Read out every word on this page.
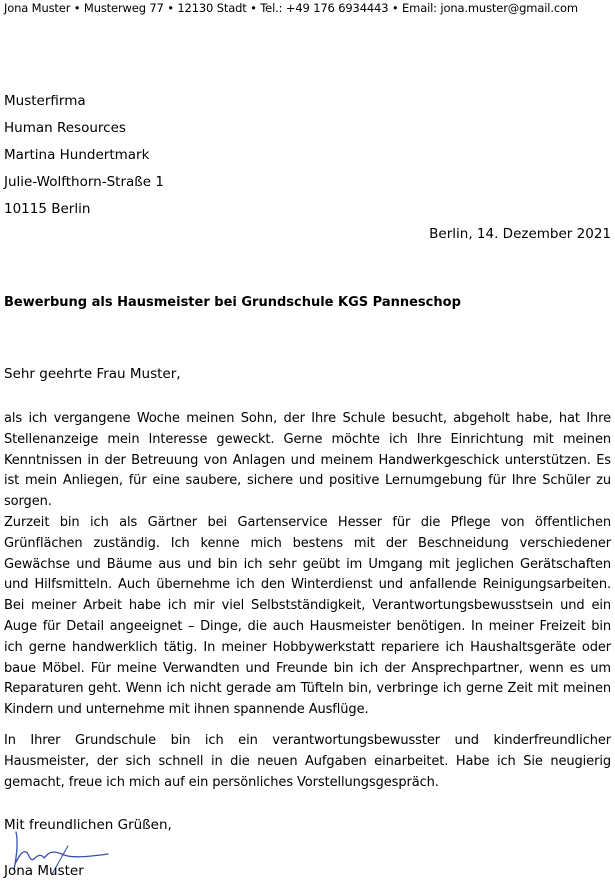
Jona Muster • Musterweg 77 • 12130 Stadt • Tel.: +49 176 6934443 • Email: jona.muster@gmail.com
Musterfirma
Human Resources
Martina Hundertmark
Julie-Wolfthorn-Straße 1
10115 Berlin
Berlin, 14. Dezember 2021
Bewerbung als Hausmeister bei Grundschule KGS Panneschop
Sehr geehrte Frau Muster,

als ich vergangene Woche meinen Sohn, der Ihre Schule besucht, abgeholt habe, hat Ihre Stellenanzeige mein Interesse geweckt. Gerne möchte ich Ihre Einrichtung mit meinen Kenntnissen in der Betreuung von Anlagen und meinem Handwerkgeschick unterstützen. Es ist mein Anliegen, für eine saubere, sichere und positive Lernumgebung für Ihre Schüler zu sorgen.

Zurzeit bin ich als Gärtner bei Gartenservice Hesser für die Pflege von öffentlichen Grünflächen zuständig. Ich kenne mich bestens mit der Beschneidung verschiedener Gewächse und Bäume aus und bin ich sehr geübt im Umgang mit jeglichen Gerätschaften und Hilfsmitteln. Auch übernehme ich den Winterdienst und anfallende Reinigungsarbeiten. Bei meiner Arbeit habe ich mir viel Selbstständigkeit, Verantwortungsbewusstsein und ein Auge für Detail angeeignet – Dinge, die auch Hausmeister benötigen. In meiner Freizeit bin ich gerne handwerklich tätig. In meiner Hobbywerkstatt repariere ich Haushaltsgeräte oder baue Möbel. Für meine Verwandten und Freunde bin ich der Ansprechpartner, wenn es um Reparaturen geht. Wenn ich nicht gerade am Tüfteln bin, verbringe ich gerne Zeit mit meinen Kindern und unternehme mit ihnen spannende Ausflüge.

In Ihrer Grundschule bin ich ein verantwortungsbewusster und kinderfreundlicher Hausmeister, der sich schnell in die neuen Aufgaben einarbeitet. Habe ich Sie neugierig gemacht, freue ich mich auf ein persönliches Vorstellungsgespräch.

Mit freundlichen Grüßen,
Jona Muster
